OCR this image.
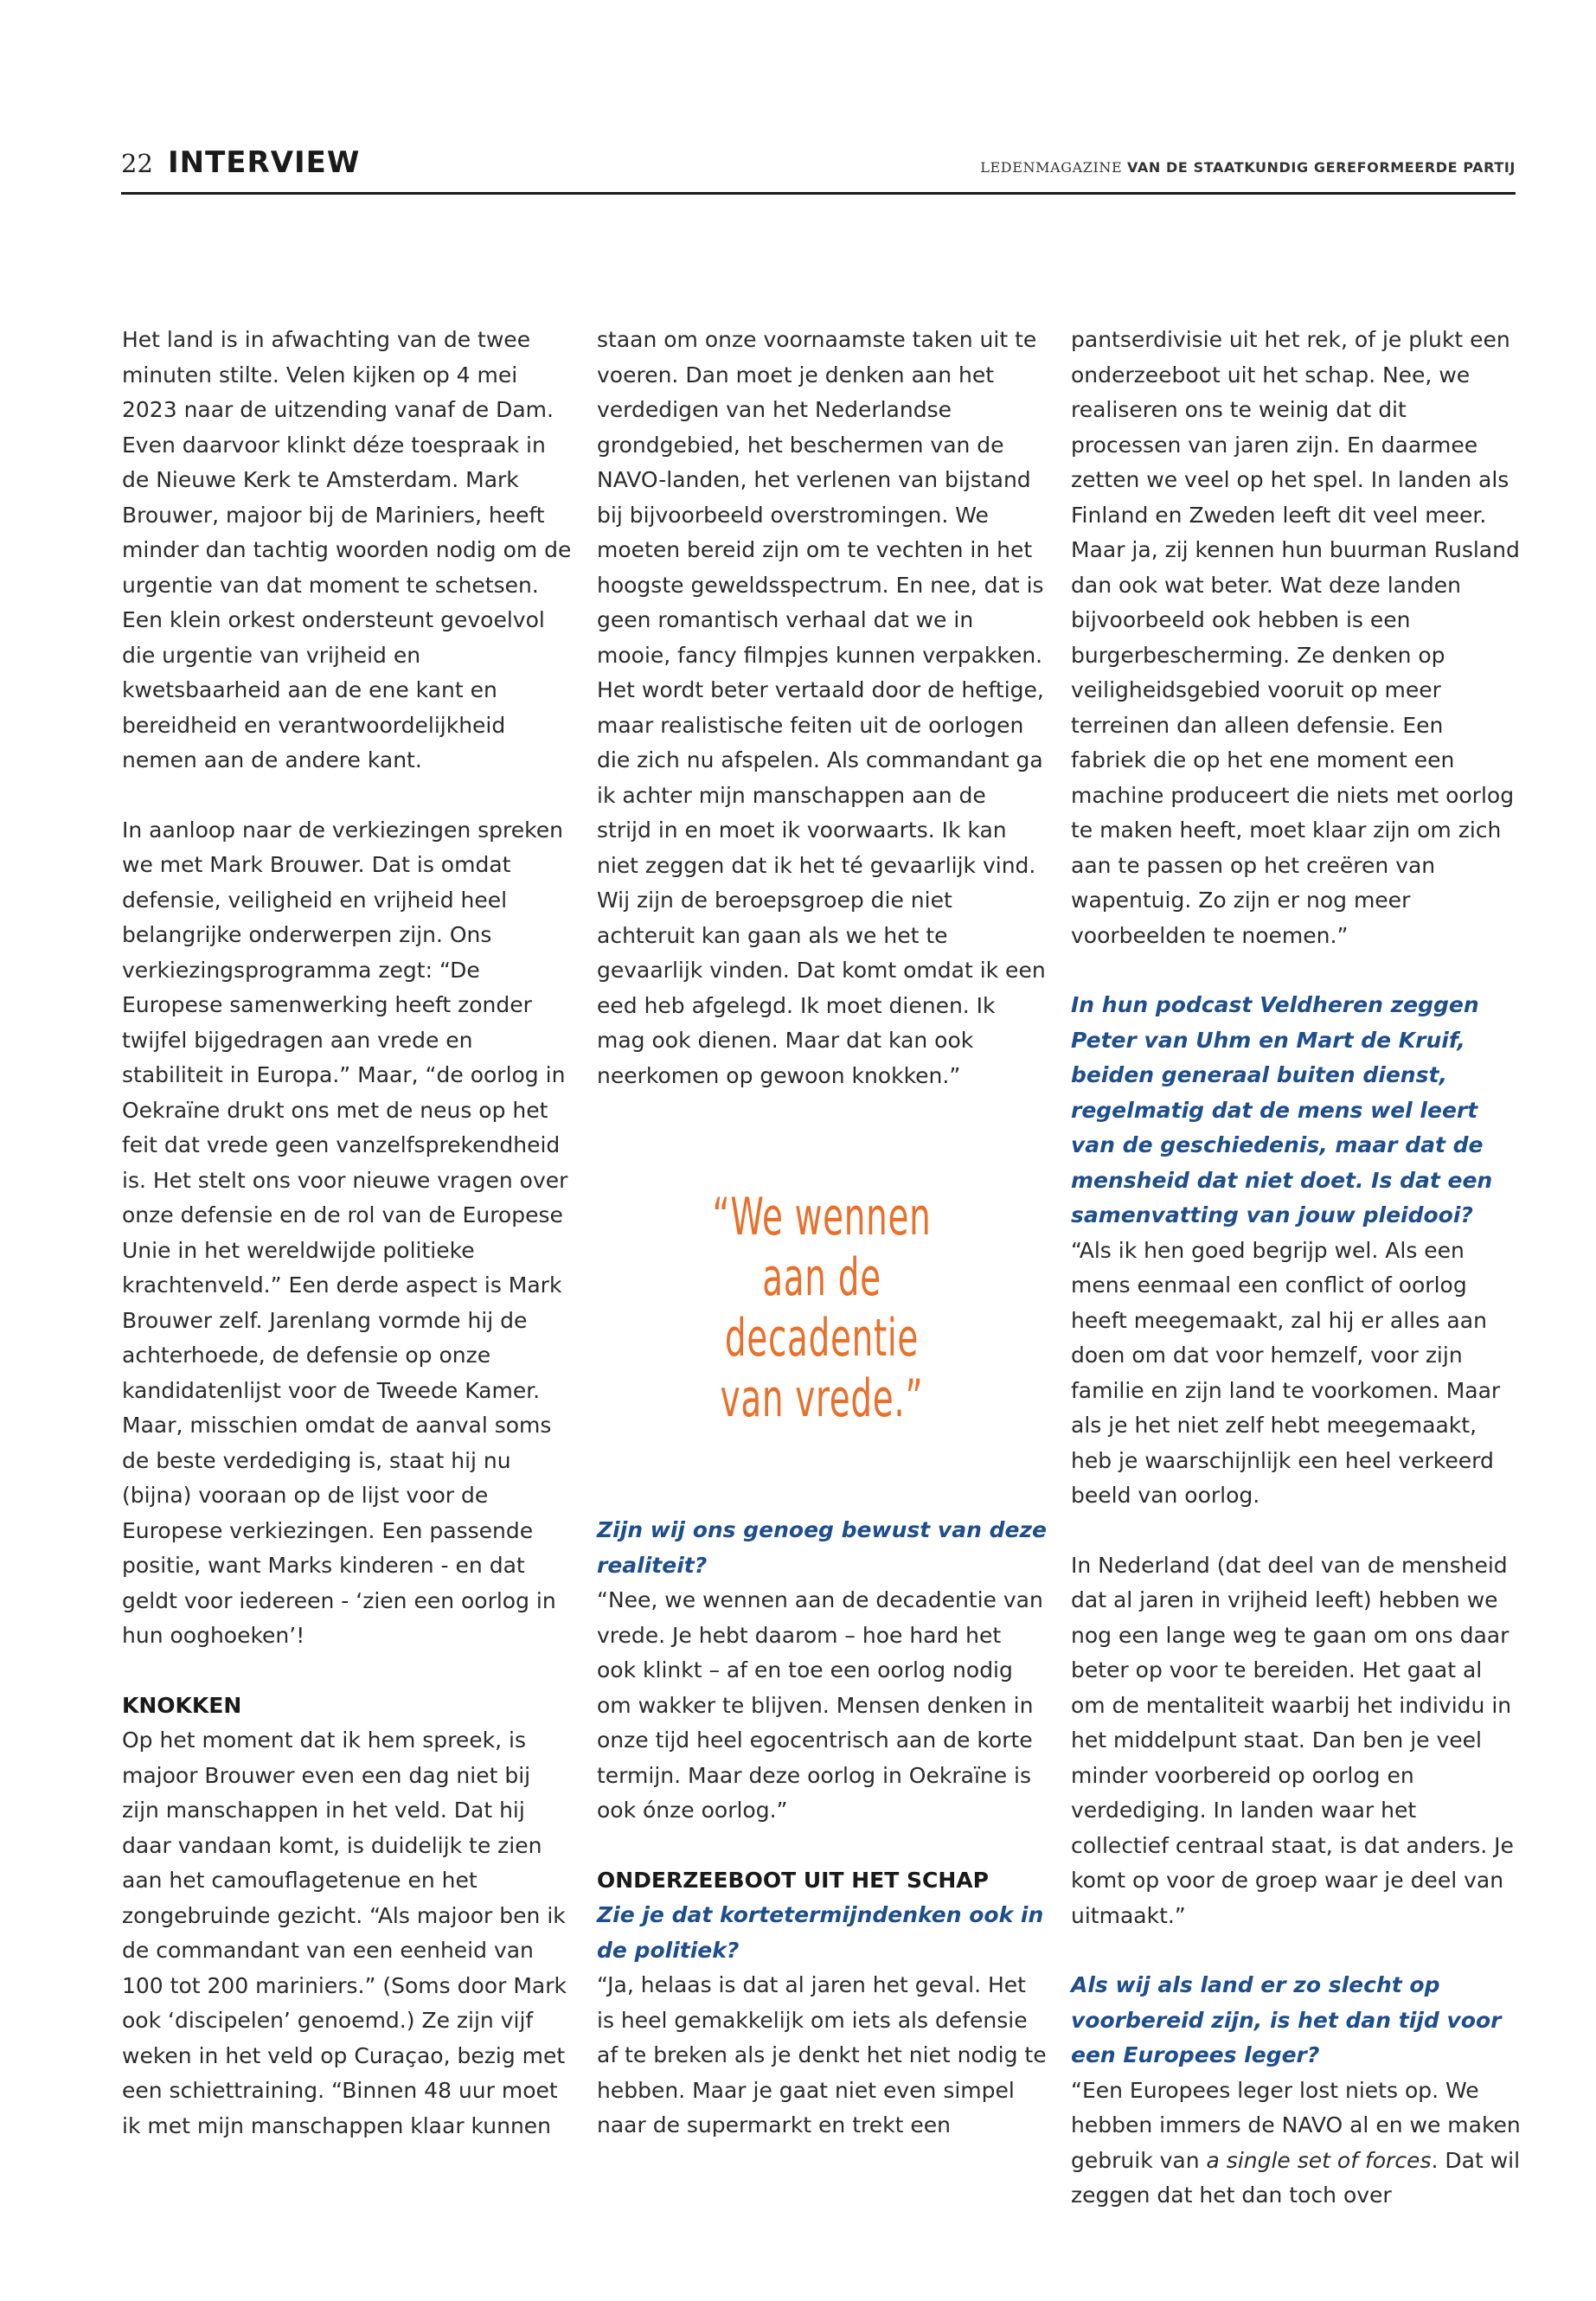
22 INTERVIEW	LEDENMAGAZINE VAN DE STAATKUNDIG GEREFORMEERDE PARTIJ

Het land is in afwachting van de twee minuten stilte. Velen kijken op 4 mei 2023 naar de uitzending vanaf de Dam. Even daarvoor klinkt déze toespraak in de Nieuwe Kerk te Amsterdam. Mark Brouwer, majoor bij de Mariniers, heeft minder dan tachtig woorden nodig om de urgentie van dat moment te schetsen. Een klein orkest ondersteunt gevoelvol die urgentie van vrijheid en kwetsbaarheid aan de ene kant en bereidheid en verantwoordelijkheid nemen aan de andere kant.

In aanloop naar de verkiezingen spreken we met Mark Brouwer. Dat is omdat defensie, veiligheid en vrijheid heel belangrijke onderwerpen zijn. Ons verkiezingsprogramma zegt: “De Europese samenwerking heeft zonder twijfel bijgedragen aan vrede en stabiliteit in Europa.” Maar, “de oorlog in Oekraïne drukt ons met de neus op het feit dat vrede geen vanzelfsprekendheid is. Het stelt ons voor nieuwe vragen over onze defensie en de rol van de Europese Unie in het wereldwijde politieke krachtenveld.” Een derde aspect is Mark Brouwer zelf. Jarenlang vormde hij de achterhoede, de defensie op onze kandidatenlijst voor de Tweede Kamer. Maar, misschien omdat de aanval soms de beste verdediging is, staat hij nu (bijna) vooraan op de lijst voor de Europese verkiezingen. Een passende positie, want Marks kinderen - en dat geldt voor iedereen - ‘zien een oorlog in hun ooghoeken’!

KNOKKEN

Op het moment dat ik hem spreek, is majoor Brouwer even een dag niet bij zijn manschappen in het veld. Dat hij daar vandaan komt, is duidelijk te zien aan het camouflagetenue en het zongebruinde gezicht. “Als majoor ben ik de commandant van een eenheid van 100 tot 200 mariniers.” (Soms door Mark ook ‘discipelen’ genoemd.) Ze zijn vijf weken in het veld op Curaçao, bezig met een schiettraining. “Binnen 48 uur moet ik met mijn manschappen klaar kunnen

staan om onze voornaamste taken uit te voeren. Dan moet je denken aan het verdedigen van het Nederlandse grondgebied, het beschermen van de NAVO-landen, het verlenen van bijstand bij bijvoorbeeld overstromingen. We moeten bereid zijn om te vechten in het hoogste geweldsspectrum. En nee, dat is geen romantisch verhaal dat we in mooie, fancy filmpjes kunnen verpakken. Het wordt beter vertaald door de heftige, maar realistische feiten uit de oorlogen die zich nu afspelen. Als commandant ga ik achter mijn manschappen aan de strijd in en moet ik voorwaarts. Ik kan niet zeggen dat ik het té gevaarlijk vind. Wij zijn de beroepsgroep die niet achteruit kan gaan als we het te gevaarlijk vinden. Dat komt omdat ik een eed heb afgelegd. Ik moet dienen. Ik mag ook dienen. Maar dat kan ook neerkomen op gewoon knokken.”

Zijn wij ons genoeg bewust van deze realiteit?

“Nee, we wennen aan de decadentie van vrede. Je hebt daarom – hoe hard het ook klinkt – af en toe een oorlog nodig om wakker te blijven. Mensen denken in onze tijd heel egocentrisch aan de korte termijn. Maar deze oorlog in Oekraïne is ook ónze oorlog.”

ONDERZEEBOOT UIT HET SCHAP

Zie je dat kortetermijndenken ook in de politiek?

“Ja, helaas is dat al jaren het geval. Het is heel gemakkelijk om iets als defensie af te breken als je denkt het niet nodig te hebben. Maar je gaat niet even simpel naar de supermarkt en trekt een

“We wennen
aan de decadentie
van vrede.”

pantserdivisie uit het rek, of je plukt een onderzeeboot uit het schap. Nee, we realiseren ons te weinig dat dit processen van jaren zijn. En daarmee zetten we veel op het spel. In landen als Finland en Zweden leeft dit veel meer. Maar ja, zij kennen hun buurman Rusland dan ook wat beter. Wat deze landen bijvoorbeeld ook hebben is een burgerbescherming. Ze denken op veiligheidsgebied vooruit op meer terreinen dan alleen defensie. Een fabriek die op het ene moment een machine produceert die niets met oorlog te maken heeft, moet klaar zijn om zich aan te passen op het creëren van wapentuig. Zo zijn er nog meer voorbeelden te noemen.”

In hun podcast Veldheren zeggen Peter van Uhm en Mart de Kruif, beiden generaal buiten dienst, regelmatig dat de mens wel leert van de geschiedenis, maar dat de mensheid dat niet doet. Is dat een samenvatting van jouw pleidooi?

“Als ik hen goed begrijp wel. Als een mens eenmaal een conflict of oorlog heeft meegemaakt, zal hij er alles aan doen om dat voor hemzelf, voor zijn familie en zijn land te voorkomen. Maar als je het niet zelf hebt meegemaakt, heb je waarschijnlijk een heel verkeerd beeld van oorlog.

In Nederland (dat deel van de mensheid dat al jaren in vrijheid leeft) hebben we nog een lange weg te gaan om ons daar beter op voor te bereiden. Het gaat al om de mentaliteit waarbij het individu in het middelpunt staat. Dan ben je veel minder voorbereid op oorlog en verdediging. In landen waar het collectief centraal staat, is dat anders. Je komt op voor de groep waar je deel van uitmaakt.”

Als wij als land er zo slecht op voorbereid zijn, is het dan tijd voor een Europees leger?

“Een Europees leger lost niets op. We hebben immers de NAVO al en we maken gebruik van a single set of forces. Dat wil zeggen dat het dan toch over
